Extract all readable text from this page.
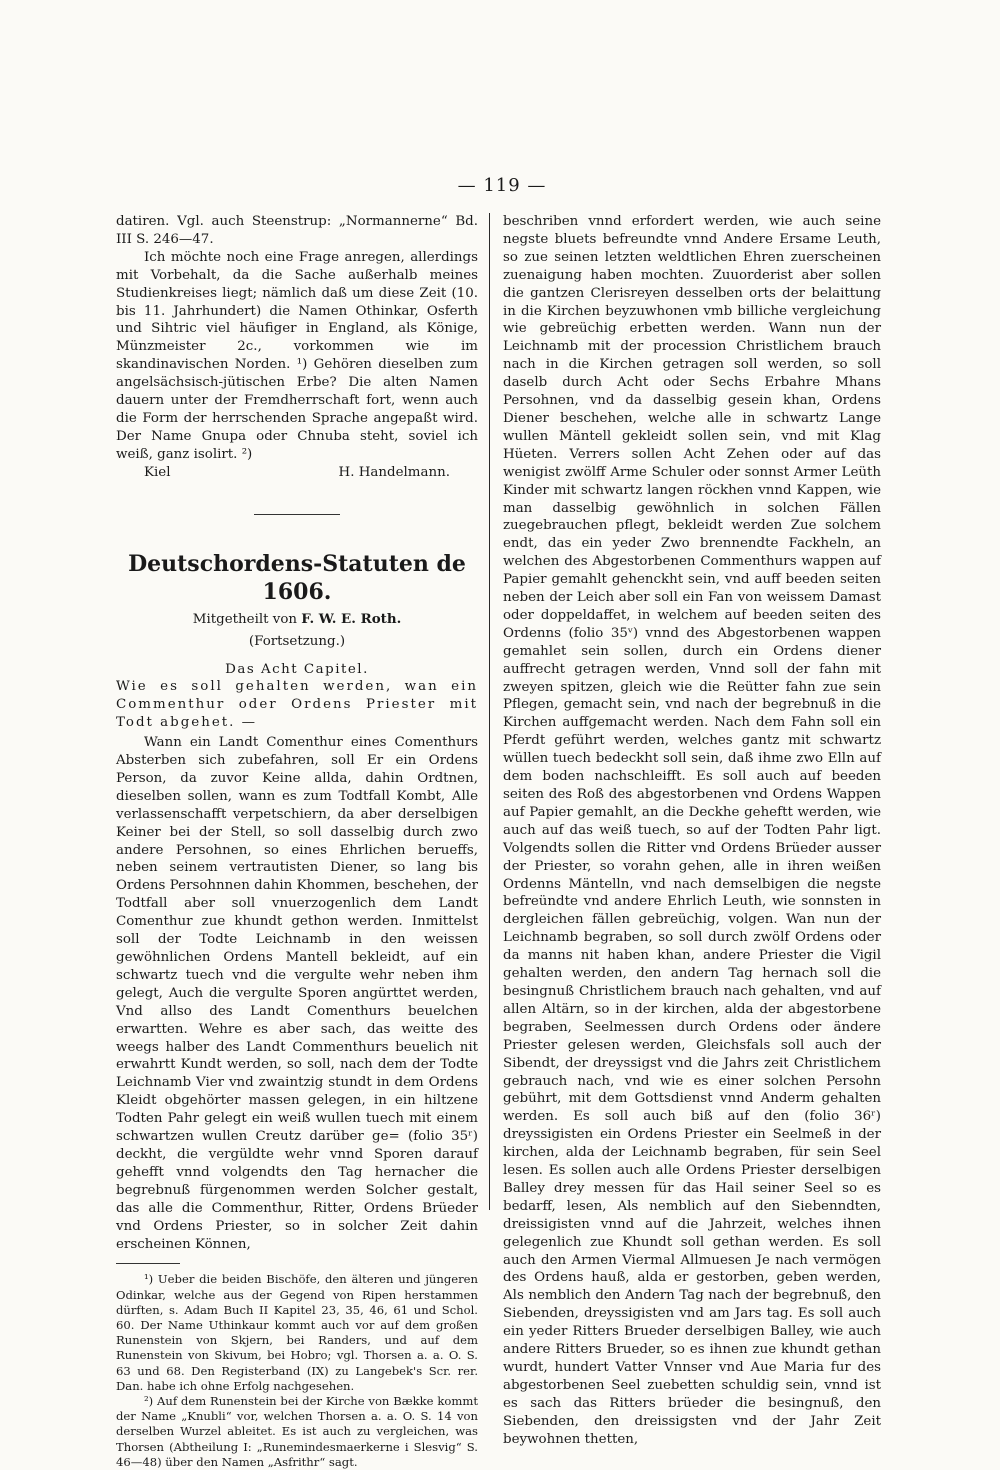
— 119 —

datiren. Vgl. auch Steenstrup: „Normannerne“ Bd. III S. 246—47.

Ich möchte noch eine Frage anregen, allerdings mit Vorbehalt, da die Sache außerhalb meines Studienkreises liegt; nämlich daß um diese Zeit (10. bis 11. Jahrhundert) die Namen Othinkar, Osferth und Sihtric viel häufiger in England, als Könige, Münzmeister 2c., vorkommen wie im skandinavischen Norden. ¹) Gehören dieselben zum angelsächsisch-jütischen Erbe? Die alten Namen dauern unter der Fremdherrschaft fort, wenn auch die Form der herrschenden Sprache angepaßt wird. Der Name Gnupa oder Chnuba steht, soviel ich weiß, ganz isolirt. ²)

Kiel	H. Handelmann.
Deutschordens-Statuten de 1606.
Mitgetheilt von F. W. E. Roth.
(Fortsetzung.)
Das Acht Capitel.

Wie es soll gehalten werden, wan ein Commenthur oder Ordens Priester mit Todt abgehet. —

Wann ein Landt Comenthur eines Comenthurs Absterben sich zubefahren, soll Er ein Ordens Person, da zuvor Keine allda, dahin Ordtnen, dieselben sollen, wann es zum Todtfall Kombt, Alle verlassenschafft verpetschiern, da aber derselbigen Keiner bei der Stell, so soll dasselbig durch zwo andere Persohnen, so eines Ehrlichen berueffs, neben seinem vertrautisten Diener, so lang bis Ordens Persohnnen dahin Khommen, beschehen, der Todtfall aber soll vnuerzogenlich dem Landt Comenthur zue khundt gethon werden. Inmittelst soll der Todte Leichnamb in den weissen gewöhnlichen Ordens Mantell bekleidt, auf ein schwartz tuech vnd die vergulte wehr neben ihm gelegt, Auch die vergulte Sporen angürttet werden, Vnd allso des Landt Comenthurs beuelchen erwartten. Wehre es aber sach, das weitte des weegs halber des Landt Commenthurs beuelich nit erwahrtt Kundt werden, so soll, nach dem der Todte Leichnamb Vier vnd zwaintzig stundt in dem Ordens Kleidt obgehörter massen gelegen, in ein hiltzene Todten Pahr gelegt ein weiß wullen tuech mit einem schwartzen wullen Creutz darüber ge= (folio 35ʳ) deckht, die vergüldte wehr vnnd Sporen darauf gehefft vnnd volgendts den Tag hernacher die begrebnuß fürgenommen werden Solcher gestalt, das alle die Commenthur, Ritter, Ordens Brüeder vnd Ordens Priester, so in solcher Zeit dahin erscheinen Können,

¹) Ueber die beiden Bischöfe, den älteren und jüngeren Odinkar, welche aus der Gegend von Ripen herstammen dürften, s. Adam Buch II Kapitel 23, 35, 46, 61 und Schol. 60. Der Name Uthinkaur kommt auch vor auf dem großen Runenstein von Skjern, bei Randers, und auf dem Runenstein von Skivum, bei Hobro; vgl. Thorsen a. a. O. S. 63 und 68. Den Registerband (IX) zu Langebek's Scr. rer. Dan. habe ich ohne Erfolg nachgesehen.

²) Auf dem Runenstein bei der Kirche von Bække kommt der Name „Knubli“ vor, welchen Thorsen a. a. O. S. 14 von derselben Wurzel ableitet. Es ist auch zu vergleichen, was Thorsen (Abtheilung I: „Runemindesmaerkerne i Slesvig“ S. 46—48) über den Namen „Asfrithr“ sagt.

beschriben vnnd erfordert werden, wie auch seine negste bluets befreundte vnnd Andere Ersame Leuth, so zue seinen letzten weldtlichen Ehren zuerscheinen zuenaigung haben mochten. Zuuorderist aber sollen die gantzen Clerisreyen desselben orts der belaittung in die Kirchen beyzuwhonen vmb billiche vergleichung wie gebreüchig erbetten werden. Wann nun der Leichnamb mit der procession Christlichem brauch nach in die Kirchen getragen soll werden, so soll daselb durch Acht oder Sechs Erbahre Mhans Persohnen, vnd da dasselbig gesein khan, Ordens Diener beschehen, welche alle in schwartz Lange wullen Mäntell gekleidt sollen sein, vnd mit Klag Hüeten. Verrers sollen Acht Zehen oder auf das wenigist zwölff Arme Schuler oder sonnst Armer Leüth Kinder mit schwartz langen röckhen vnnd Kappen, wie man dasselbig gewöhnlich in solchen Fällen zuegebrauchen pflegt, bekleidt werden Zue solchem endt, das ein yeder Zwo brennendte Fackheln, an welchen des Abgestorbenen Commenthurs wappen auf Papier gemahlt gehenckht sein, vnd auff beeden seiten neben der Leich aber soll ein Fan von weissem Damast oder doppeldaffet, in welchem auf beeden seiten des Ordenns (folio 35ᵛ) vnnd des Abgestorbenen wappen gemahlet sein sollen, durch ein Ordens diener auffrecht getragen werden, Vnnd soll der fahn mit zweyen spitzen, gleich wie die Reütter fahn zue sein Pflegen, gemacht sein, vnd nach der begrebnuß in die Kirchen auffgemacht werden. Nach dem Fahn soll ein Pferdt geführt werden, welches gantz mit schwartz wüllen tuech bedeckht soll sein, daß ihme zwo Elln auf dem boden nachschleifft. Es soll auch auf beeden seiten des Roß des abgestorbenen vnd Ordens Wappen auf Papier gemahlt, an die Deckhe geheftt werden, wie auch auf das weiß tuech, so auf der Todten Pahr ligt. Volgendts sollen die Ritter vnd Ordens Brüeder ausser der Priester, so vorahn gehen, alle in ihren weißen Ordenns Mäntelln, vnd nach demselbigen die negste befreündte vnd andere Ehrlich Leuth, wie sonnsten in dergleichen fällen gebreüchig, volgen. Wan nun der Leichnamb begraben, so soll durch zwölf Ordens oder da manns nit haben khan, andere Priester die Vigil gehalten werden, den andern Tag hernach soll die besingnuß Christlichem brauch nach gehalten, vnd auf allen Altärn, so in der kirchen, alda der abgestorbene begraben, Seelmessen durch Ordens oder ändere Priester gelesen werden, Gleichsfals soll auch der Sibendt, der dreyssigst vnd die Jahrs zeit Christlichem gebrauch nach, vnd wie es einer solchen Persohn gebührt, mit dem Gottsdienst vnnd Anderm gehalten werden. Es soll auch biß auf den (folio 36ʳ) dreyssigisten ein Ordens Priester ein Seelmeß in der kirchen, alda der Leichnamb begraben, für sein Seel lesen. Es sollen auch alle Ordens Priester derselbigen Balley drey messen für das Hail seiner Seel so es bedarff, lesen, Als nemblich auf den Siebenndten, dreissigisten vnnd auf die Jahrzeit, welches ihnen gelegenlich zue Khundt soll gethan werden. Es soll auch den Armen Viermal Allmuesen Je nach vermögen des Ordens hauß, alda er gestorben, geben werden, Als nemblich den Andern Tag nach der begrebnuß, den Siebenden, dreyssigisten vnd am Jars tag. Es soll auch ein yeder Ritters Brueder derselbigen Balley, wie auch andere Ritters Brueder, so es ihnen zue khundt gethan wurdt, hundert Vatter Vnnser vnd Aue Maria fur des abgestorbenen Seel zuebetten schuldig sein, vnnd ist es sach das Ritters brüeder die besingnuß, den Siebenden, den dreissigsten vnd der Jahr Zeit beywohnen thetten,
